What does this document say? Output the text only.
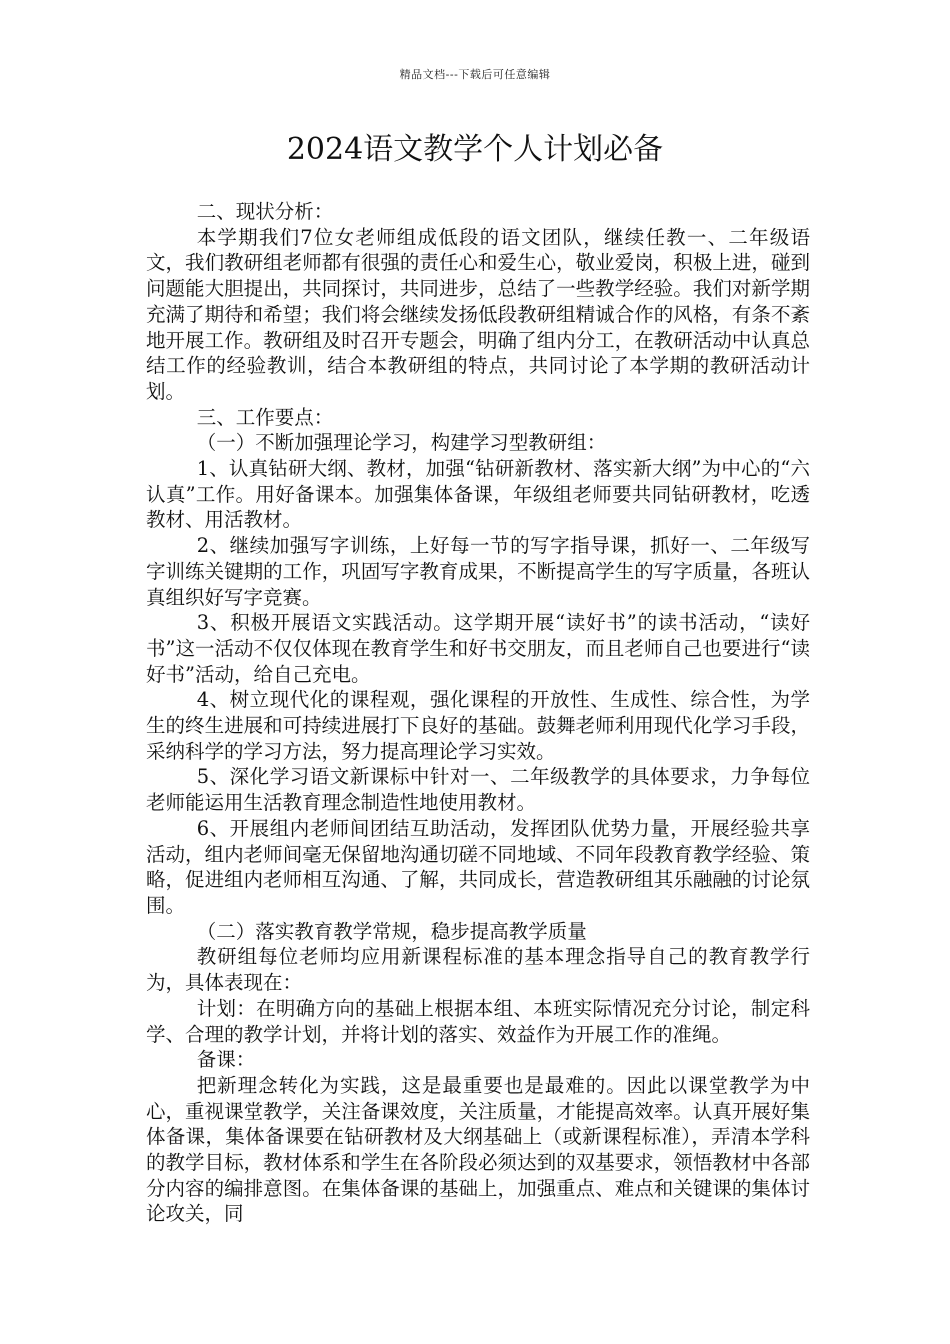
精品文档---下载后可任意编辑
2024语文教学个人计划必备

二、现状分析：

本学期我们7位女老师组成低段的语文团队，继续任教一、二年级语文，我们教研组老师都有很强的责任心和爱生心，敬业爱岗，积极上进，碰到问题能大胆提出，共同探讨，共同进步，总结了一些教学经验。我们对新学期充满了期待和希望；我们将会继续发扬低段教研组精诚合作的风格，有条不紊地开展工作。教研组及时召开专题会，明确了组内分工，在教研活动中认真总结工作的经验教训，结合本教研组的特点，共同讨论了本学期的教研活动计划。

三、工作要点：

（一）不断加强理论学习，构建学习型教研组：

1、认真钻研大纲、教材，加强“钻研新教材、落实新大纲”为中心的“六认真”工作。用好备课本。加强集体备课，年级组老师要共同钻研教材，吃透教材、用活教材。

2、继续加强写字训练，上好每一节的写字指导课，抓好一、二年级写字训练关键期的工作，巩固写字教育成果，不断提高学生的写字质量，各班认真组织好写字竞赛。

3、积极开展语文实践活动。这学期开展“读好书”的读书活动，“读好书”这一活动不仅仅体现在教育学生和好书交朋友，而且老师自己也要进行“读好书”活动，给自己充电。

4、树立现代化的课程观，强化课程的开放性、生成性、综合性，为学生的终生进展和可持续进展打下良好的基础。鼓舞老师利用现代化学习手段，采纳科学的学习方法，努力提高理论学习实效。

5、深化学习语文新课标中针对一、二年级教学的具体要求，力争每位老师能运用生活教育理念制造性地使用教材。

6、开展组内老师间团结互助活动，发挥团队优势力量，开展经验共享活动，组内老师间毫无保留地沟通切磋不同地域、不同年段教育教学经验、策略，促进组内老师相互沟通、了解，共同成长，营造教研组其乐融融的讨论氛围。

（二）落实教育教学常规，稳步提高教学质量

教研组每位老师均应用新课程标准的基本理念指导自己的教育教学行为，具体表现在：

计划：在明确方向的基础上根据本组、本班实际情况充分讨论，制定科学、合理的教学计划，并将计划的落实、效益作为开展工作的准绳。

备课：

把新理念转化为实践，这是最重要也是最难的。因此以课堂教学为中心，重视课堂教学，关注备课效度，关注质量，才能提高效率。认真开展好集体备课，集体备课要在钻研教材及大纲基础上（或新课程标准），弄清本学科的教学目标，教材体系和学生在各阶段必须达到的双基要求，领悟教材中各部分内容的编排意图。在集体备课的基础上，加强重点、难点和关键课的集体讨论攻关，同
